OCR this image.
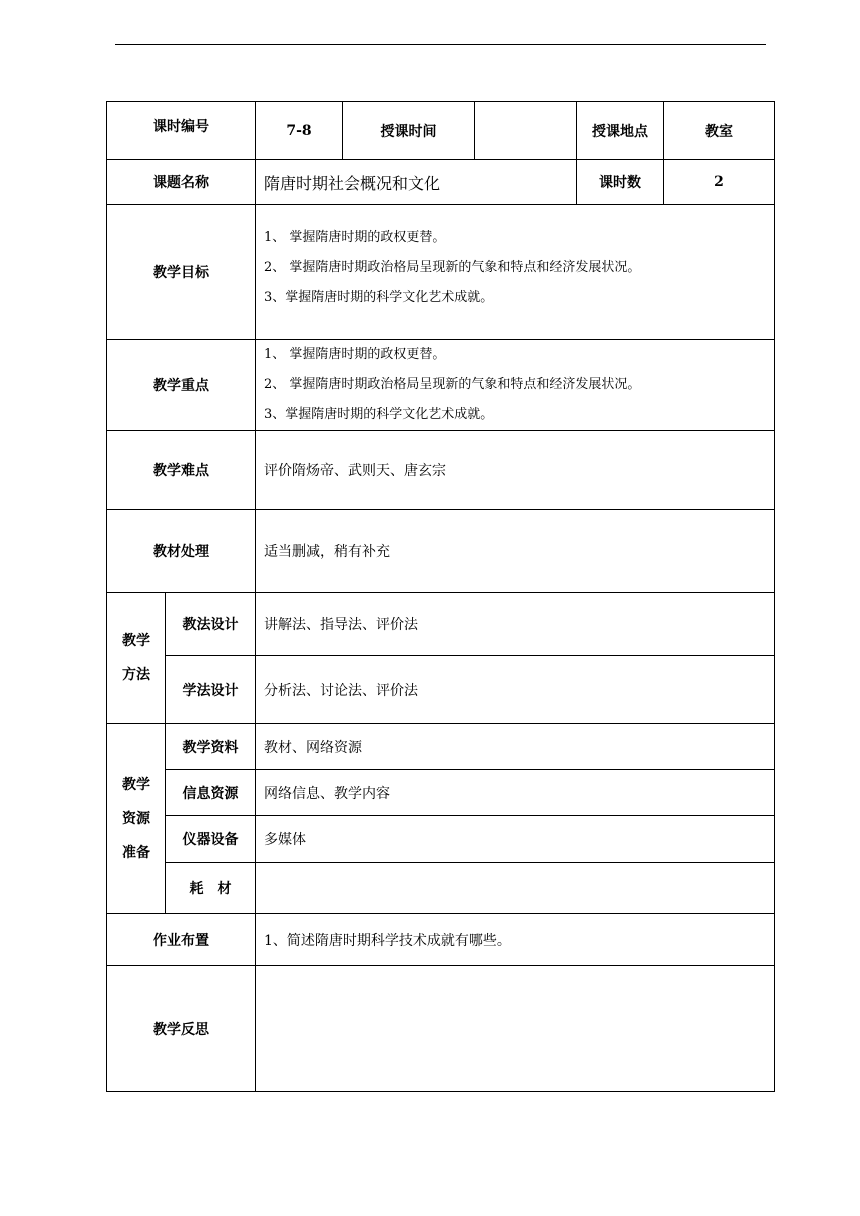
课时编号		7-8	授课时间		授课地点	教室
课题名称		隋唐时期社会概况和文化			课时数	2
教学目标		1、 掌握隋唐时期的政权更替。
2、 掌握隋唐时期政治格局呈现新的气象和特点和经济发展状况。
3、掌握隋唐时期的科学文化艺术成就。				

教学重点		1、 掌握隋唐时期的政权更替。
2、 掌握隋唐时期政治格局呈现新的气象和特点和经济发展状况。
3、掌握隋唐时期的科学文化艺术成就。				

教学难点		评价隋炀帝、武则天、唐玄宗				
教材处理		适当删减，稍有补充				

教学
方法	教法设计	讲解法、指导法、评价法				
	学法设计	分析法、讨论法、评价法				

教学
资源
准备	教学资料	教材、网络资源				
	信息资源	网络信息、教学内容				
	仪器设备	多媒体				
	耗　材					
作业布置		1、简述隋唐时期科学技术成就有哪些。				
教学反思						
